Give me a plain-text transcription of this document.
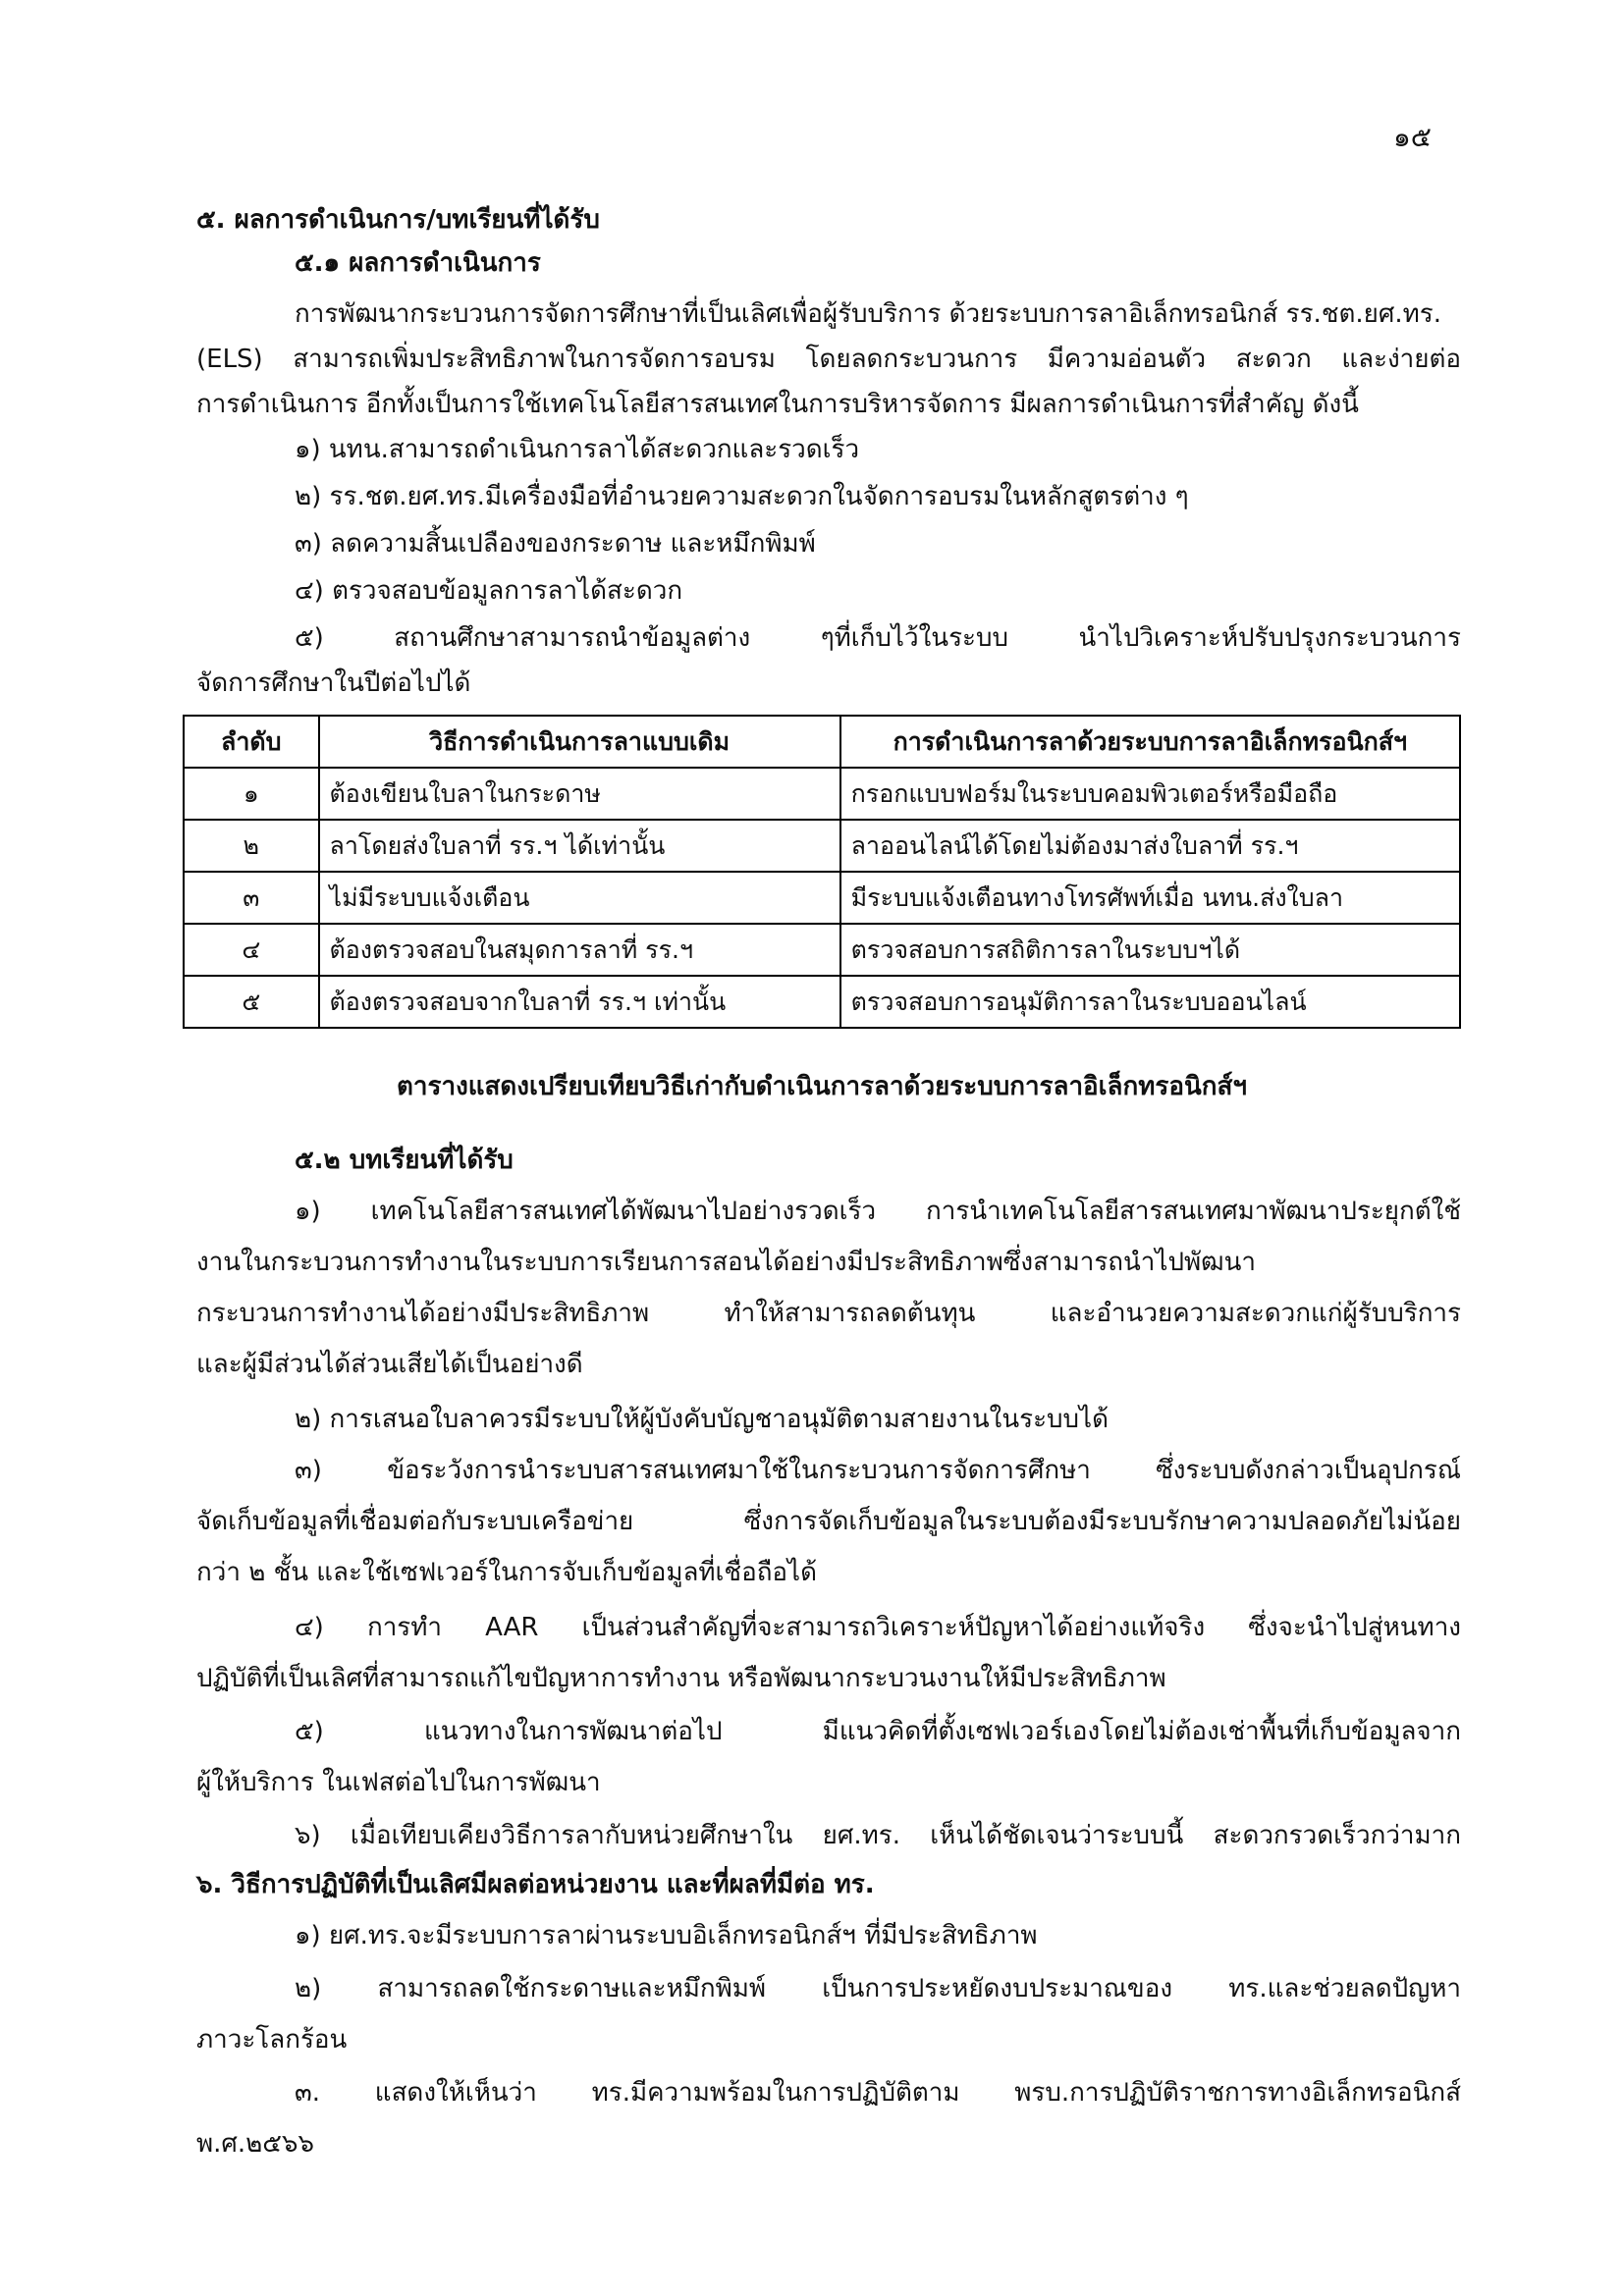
๑๕
๕. ผลการดำเนินการ/บทเรียนที่ได้รับ
๕.๑ ผลการดำเนินการ
การพัฒนากระบวนการจัดการศึกษาที่เป็นเลิศเพื่อผู้รับบริการ ด้วยระบบการลาอิเล็กทรอนิกส์ รร.ชต.ยศ.ทร.
(ELS) สามารถเพิ่มประสิทธิภาพในการจัดการอบรม โดยลดกระบวนการ มีความอ่อนตัว สะดวก และง่ายต่อ
การดำเนินการ อีกทั้งเป็นการใช้เทคโนโลยีสารสนเทศในการบริหารจัดการ มีผลการดำเนินการที่สำคัญ ดังนี้
๑) นทน.สามารถดำเนินการลาได้สะดวกและรวดเร็ว
๒) รร.ชต.ยศ.ทร.มีเครื่องมือที่อำนวยความสะดวกในจัดการอบรมในหลักสูตรต่าง ๆ
๓) ลดความสิ้นเปลืองของกระดาษ และหมึกพิมพ์
๔) ตรวจสอบข้อมูลการลาได้สะดวก
๕) สถานศึกษาสามารถนำข้อมูลต่าง ๆที่เก็บไว้ในระบบ นำไปวิเคราะห์ปรับปรุงกระบวนการ
จัดการศึกษาในปีต่อไปได้
ลำดับ	วิธีการดำเนินการลาแบบเดิม	การดำเนินการลาด้วยระบบการลาอิเล็กทรอนิกส์ฯ
๑	ต้องเขียนใบลาในกระดาษ	กรอกแบบฟอร์มในระบบคอมพิวเตอร์หรือมือถือ
๒	ลาโดยส่งใบลาที่ รร.ฯ ได้เท่านั้น	ลาออนไลน์ได้โดยไม่ต้องมาส่งใบลาที่ รร.ฯ
๓	ไม่มีระบบแจ้งเตือน	มีระบบแจ้งเตือนทางโทรศัพท์เมื่อ นทน.ส่งใบลา
๔	ต้องตรวจสอบในสมุดการลาที่ รร.ฯ	ตรวจสอบการสถิติการลาในระบบฯได้
๕	ต้องตรวจสอบจากใบลาที่ รร.ฯ เท่านั้น	ตรวจสอบการอนุมัติการลาในระบบออนไลน์
ตารางแสดงเปรียบเทียบวิธีเก่ากับดำเนินการลาด้วยระบบการลาอิเล็กทรอนิกส์ฯ
๕.๒ บทเรียนที่ได้รับ
๑) เทคโนโลยีสารสนเทศได้พัฒนาไปอย่างรวดเร็ว การนำเทคโนโลยีสารสนเทศมาพัฒนาประยุกต์ใช้
งานในกระบวนการทำงานในระบบการเรียนการสอนได้อย่างมีประสิทธิภาพซึ่งสามารถนำไปพัฒนา
กระบวนการทำงานได้อย่างมีประสิทธิภาพ ทำให้สามารถลดต้นทุน และอำนวยความสะดวกแก่ผู้รับบริการ
และผู้มีส่วนได้ส่วนเสียได้เป็นอย่างดี
๒) การเสนอใบลาควรมีระบบให้ผู้บังคับบัญชาอนุมัติตามสายงานในระบบได้
๓) ข้อระวังการนำระบบสารสนเทศมาใช้ในกระบวนการจัดการศึกษา ซึ่งระบบดังกล่าวเป็นอุปกรณ์
จัดเก็บข้อมูลที่เชื่อมต่อกับระบบเครือข่าย ซึ่งการจัดเก็บข้อมูลในระบบต้องมีระบบรักษาความปลอดภัยไม่น้อย
กว่า ๒ ชั้น และใช้เซฟเวอร์ในการจับเก็บข้อมูลที่เชื่อถือได้
๔) การทำ AAR เป็นส่วนสำคัญที่จะสามารถวิเคราะห์ปัญหาได้อย่างแท้จริง ซึ่งจะนำไปสู่หนทาง
ปฏิบัติที่เป็นเลิศที่สามารถแก้ไขปัญหาการทำงาน หรือพัฒนากระบวนงานให้มีประสิทธิภาพ
๕) แนวทางในการพัฒนาต่อไป มีแนวคิดที่ตั้งเซฟเวอร์เองโดยไม่ต้องเช่าพื้นที่เก็บข้อมูลจาก
ผู้ให้บริการ ในเฟสต่อไปในการพัฒนา
๖) เมื่อเทียบเคียงวิธีการลากับหน่วยศึกษาใน ยศ.ทร. เห็นได้ชัดเจนว่าระบบนี้ สะดวกรวดเร็วกว่ามาก
๖. วิธีการปฏิบัติที่เป็นเลิศมีผลต่อหน่วยงาน และที่ผลที่มีต่อ ทร.
๑) ยศ.ทร.จะมีระบบการลาผ่านระบบอิเล็กทรอนิกส์ฯ ที่มีประสิทธิภาพ
๒) สามารถลดใช้กระดาษและหมึกพิมพ์ เป็นการประหยัดงบประมาณของ ทร.และช่วยลดปัญหา
ภาวะโลกร้อน
๓. แสดงให้เห็นว่า ทร.มีความพร้อมในการปฏิบัติตาม พรบ.การปฏิบัติราชการทางอิเล็กทรอนิกส์
พ.ศ.๒๕๖๖
